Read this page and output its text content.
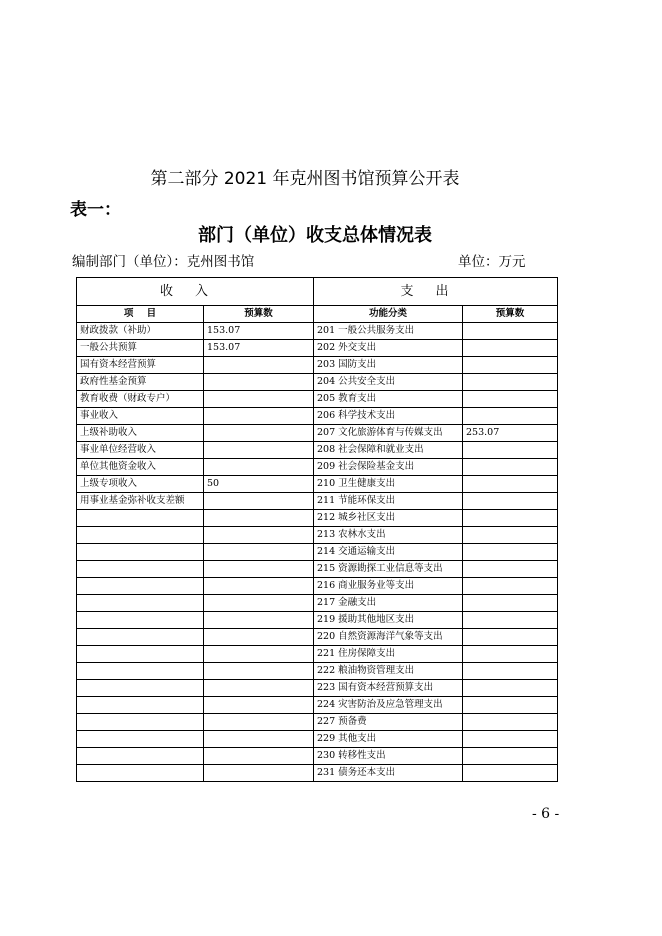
第二部分 2021 年克州图书馆预算公开表
表一：
部门（单位）收支总体情况表
编制部门（单位）：克州图书馆	单位：万元
收入		支出	
项    目	预算数	功能分类	预算数
财政拨款（补助）	153.07	201 一般公共服务支出	
一般公共预算	153.07	202 外交支出	
国有资本经营预算		203 国防支出	
政府性基金预算		204 公共安全支出	
教育收费（财政专户）		205 教育支出	
事业收入		206 科学技术支出	
上级补助收入		207 文化旅游体育与传媒支出	253.07
事业单位经营收入		208 社会保障和就业支出	
单位其他资金收入		209 社会保险基金支出	
上级专项收入	50	210 卫生健康支出	
用事业基金弥补收支差额		211 节能环保支出	
		212 城乡社区支出	
		213 农林水支出	
		214 交通运输支出	
		215 资源勘探工业信息等支出	
		216 商业服务业等支出	
		217 金融支出	
		219 援助其他地区支出	
		220 自然资源海洋气象等支出	
		221 住房保障支出	
		222 粮油物资管理支出	
		223 国有资本经营预算支出	
		224 灾害防治及应急管理支出	
		227 预备费	
		229 其他支出	
		230 转移性支出	
		231 债务还本支出	
- 6 -
